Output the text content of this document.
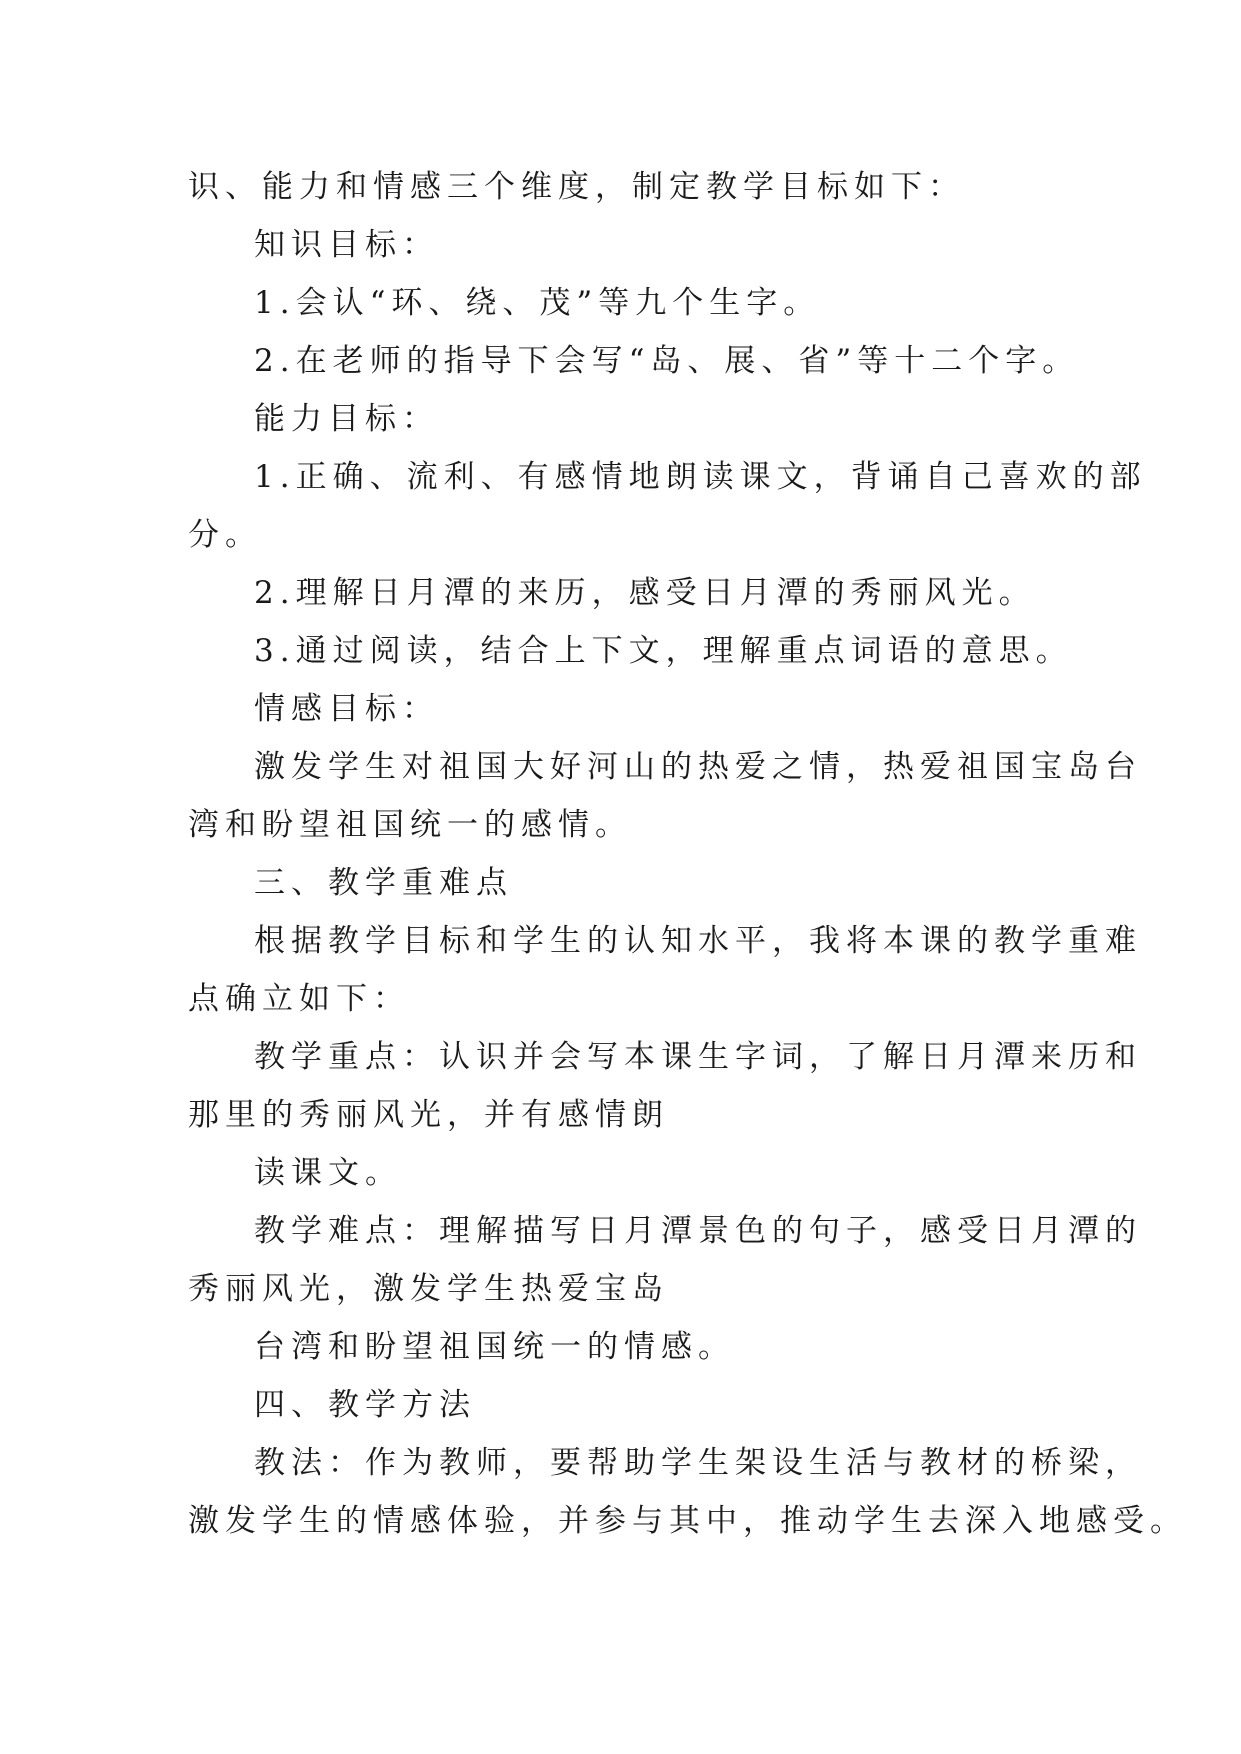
识、能力和情感三个维度，制定教学目标如下：
知识目标：
1.会认“环、绕、茂”等九个生字。
2.在老师的指导下会写“岛、展、省”等十二个字。
能力目标：
1.正确、流利、有感情地朗读课文，背诵自己喜欢的部
分。
2.理解日月潭的来历，感受日月潭的秀丽风光。
3.通过阅读，结合上下文，理解重点词语的意思。
情感目标：
激发学生对祖国大好河山的热爱之情，热爱祖国宝岛台
湾和盼望祖国统一的感情。
三、教学重难点
根据教学目标和学生的认知水平，我将本课的教学重难
点确立如下：
教学重点：认识并会写本课生字词，了解日月潭来历和
那里的秀丽风光，并有感情朗
读课文。
教学难点：理解描写日月潭景色的句子，感受日月潭的
秀丽风光，激发学生热爱宝岛
台湾和盼望祖国统一的情感。
四、教学方法
教法：作为教师，要帮助学生架设生活与教材的桥梁，
激发学生的情感体验，并参与其中，推动学生去深入地感受。
